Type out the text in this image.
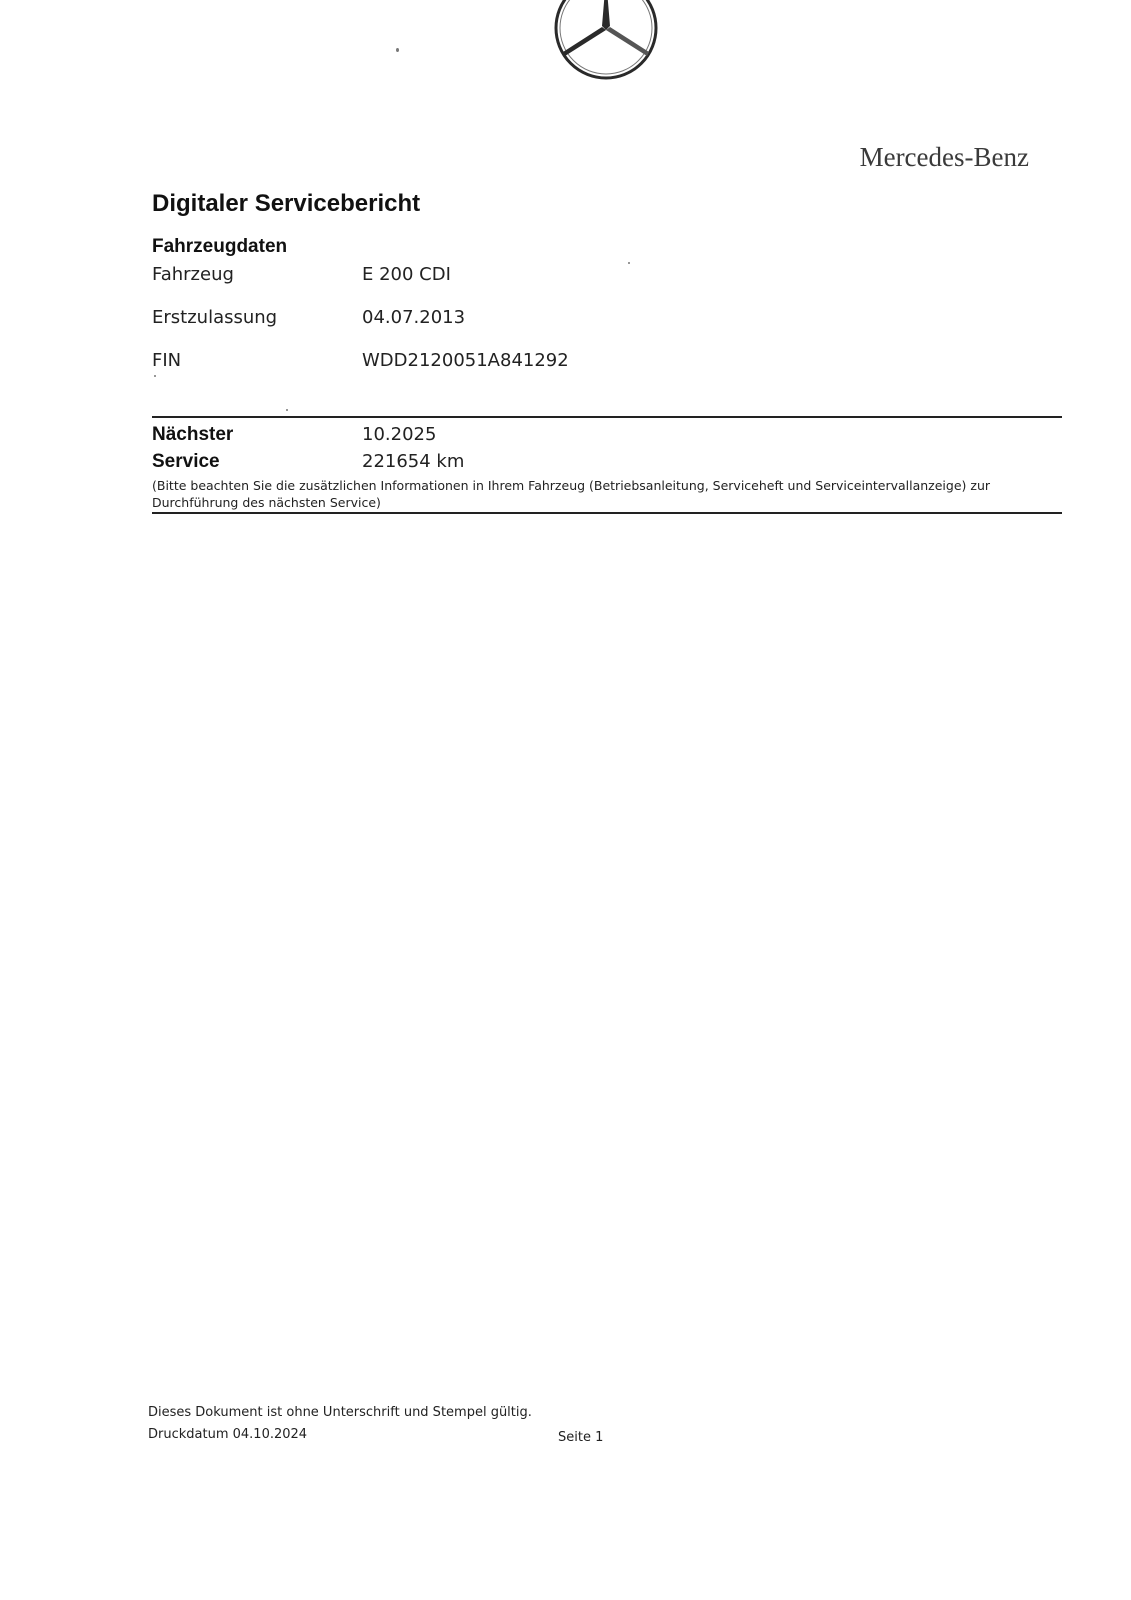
Mercedes-Benz
Digitaler Servicebericht
Fahrzeugdaten
Fahrzeug	E 200 CDI
Erstzulassung	04.07.2013
FIN	WDD2120051A841292
Nächster	10.2025
Service	221654 km

(Bitte beachten Sie die zusätzlichen Informationen in Ihrem Fahrzeug (Betriebsanleitung, Serviceheft und Serviceintervallanzeige) zur Durchführung des nächsten Service)

Dieses Dokument ist ohne Unterschrift und Stempel gültig.
Druckdatum 04.10.2024	Seite 1
